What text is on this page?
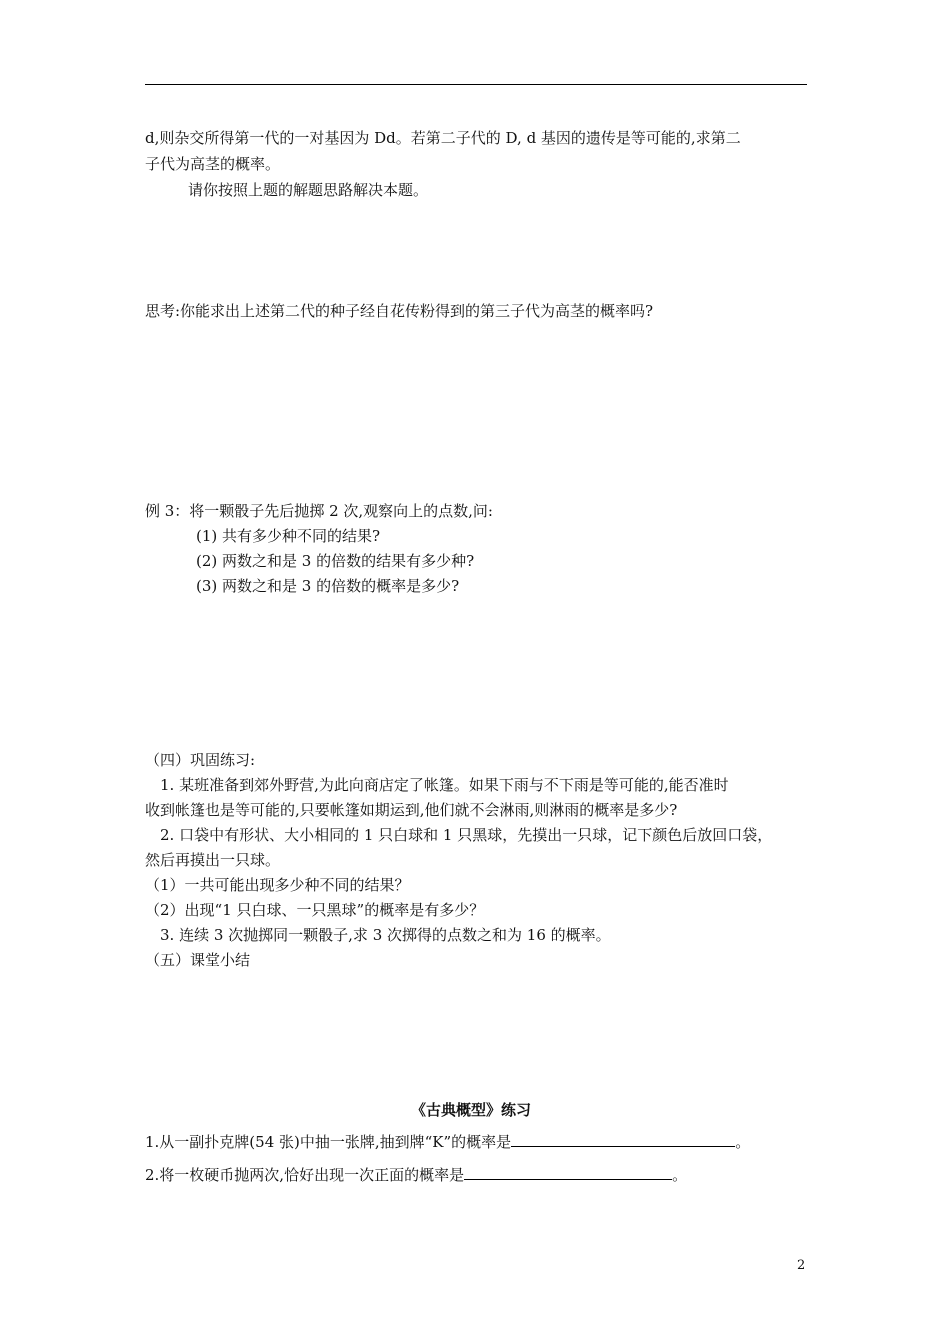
d,则杂交所得第一代的一对基因为 Dd。若第二子代的 D, d 基因的遗传是等可能的,求第二
子代为高茎的概率。
请你按照上题的解题思路解决本题。
思考:你能求出上述第二代的种子经自花传粉得到的第三子代为高茎的概率吗?
例 3：将一颗骰子先后抛掷 2 次,观察向上的点数,问:
(1) 共有多少种不同的结果?
(2) 两数之和是 3 的倍数的结果有多少种?
(3) 两数之和是 3 的倍数的概率是多少?
（四）巩固练习:
1. 某班准备到郊外野营,为此向商店定了帐篷。如果下雨与不下雨是等可能的,能否准时
收到帐篷也是等可能的,只要帐篷如期运到,他们就不会淋雨,则淋雨的概率是多少?
2. 口袋中有形状、大小相同的 1 只白球和 1 只黑球，先摸出一只球，记下颜色后放回口袋，
然后再摸出一只球。
（1）一共可能出现多少种不同的结果？
（2）出现“1 只白球、一只黑球”的概率是有多少？
3. 连续 3 次抛掷同一颗骰子,求 3 次掷得的点数之和为 16 的概率。
（五）课堂小结
《古典概型》练习
1.从一副扑克牌(54 张)中抽一张牌,抽到牌“K”的概率是	。
2.将一枚硬币抛两次,恰好出现一次正面的概率是	。
2
